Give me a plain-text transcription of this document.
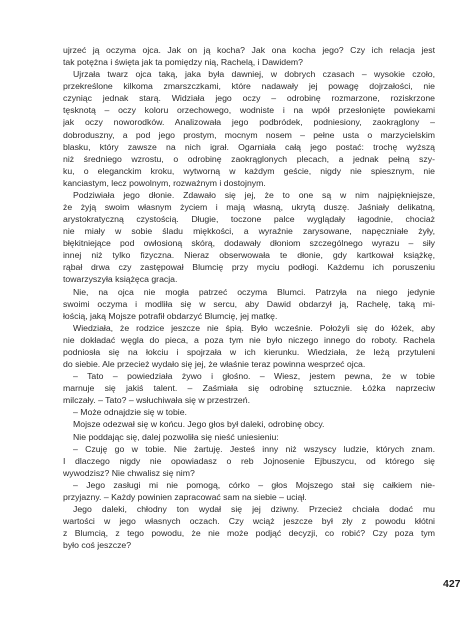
ujrzeć ją oczyma ojca. Jak on ją kocha? Jak ona kocha jego? Czy ich relacja jest
tak potężna i święta jak ta pomiędzy nią, Rachelą, i Dawidem?
Ujrzała twarz ojca taką, jaka była dawniej, w dobrych czasach – wysokie czoło,
przekreślone kilkoma zmarszczkami, które nadawały jej powagę dojrzałości, nie
czyniąc jednak starą. Widziała jego oczy – odrobinę rozmarzone, roziskrzone
tęsknotą – oczy koloru orzechowego, wodniste i na wpół przesłonięte powiekami
jak oczy noworodków. Analizowała jego podbródek, podniesiony, zaokrąglony –
dobroduszny, a pod jego prostym, mocnym nosem – pełne usta o marzycielskim
blasku, który zawsze na nich igrał. Ogarniała całą jego postać: trochę wyższą
niż średniego wzrostu, o odrobinę zaokrąglonych plecach, a jednak pełną szy-
ku, o eleganckim kroku, wytworną w każdym geście, nigdy nie spiesznym, nie
kanciastym, lecz powolnym, rozważnym i dostojnym.
Podziwiała jego dłonie. Zdawało się jej, że to one są w nim najpiękniejsze,
że żyją swoim własnym życiem i mają własną, ukrytą duszę. Jaśniały delikatną,
arystokratyczną czystością. Długie, toczone palce wyglądały łagodnie, chociaż
nie miały w sobie śladu miękkości, a wyraźnie zarysowane, napęczniałe żyły,
błękitniejące pod owłosioną skórą, dodawały dłoniom szczególnego wyrazu – siły
innej niż tylko fizyczna. Nieraz obserwowała te dłonie, gdy kartkował książkę,
rąbał drwa czy zastępował Blumcię przy myciu podłogi. Każdemu ich poruszeniu
towarzyszyła książęca gracja.
Nie, na ojca nie mogła patrzeć oczyma Blumci. Patrzyła na niego jedynie
swoimi oczyma i modliła się w sercu, aby Dawid obdarzył ją, Rachelę, taką mi-
łością, jaką Mojsze potrafił obdarzyć Blumcię, jej matkę.
Wiedziała, że rodzice jeszcze nie śpią. Było wcześnie. Położyli się do łóżek, aby
nie dokładać węgla do pieca, a poza tym nie było niczego innego do roboty. Rachela
podniosła się na łokciu i spojrzała w ich kierunku. Wiedziała, że leżą przytuleni
do siebie. Ale przecież wydało się jej, że właśnie teraz powinna wesprzeć ojca.
– Tato – powiedziała żywo i głośno. – Wiesz, jestem pewna, że w tobie
marnuje się jakiś talent. – Zaśmiała się odrobinę sztucznie. Łóżka naprzeciw
milczały. – Tato? – wsłuchiwała się w przestrzeń.
– Może odnajdzie się w tobie.
Mojsze odezwał się w końcu. Jego głos był daleki, odrobinę obcy.
Nie poddając się, dalej pozwoliła się nieść uniesieniu:
– Czuję go w tobie. Nie żartuję. Jesteś inny niż wszyscy ludzie, których znam.
I dlaczego nigdy nie opowiadasz o reb Jojnosenie Ejbuszycu, od którego się
wywodzisz? Nie chwalisz się nim?
– Jego zasługi mi nie pomogą, córko – głos Mojszego stał się całkiem nie-
przyjazny. – Każdy powinien zapracować sam na siebie – uciął.
Jego daleki, chłodny ton wydał się jej dziwny. Przecież chciała dodać mu
wartości w jego własnych oczach. Czy wciąż jeszcze był zły z powodu kłótni
z Blumcią, z tego powodu, że nie może podjąć decyzji, co robić? Czy poza tym
było coś jeszcze?
427
